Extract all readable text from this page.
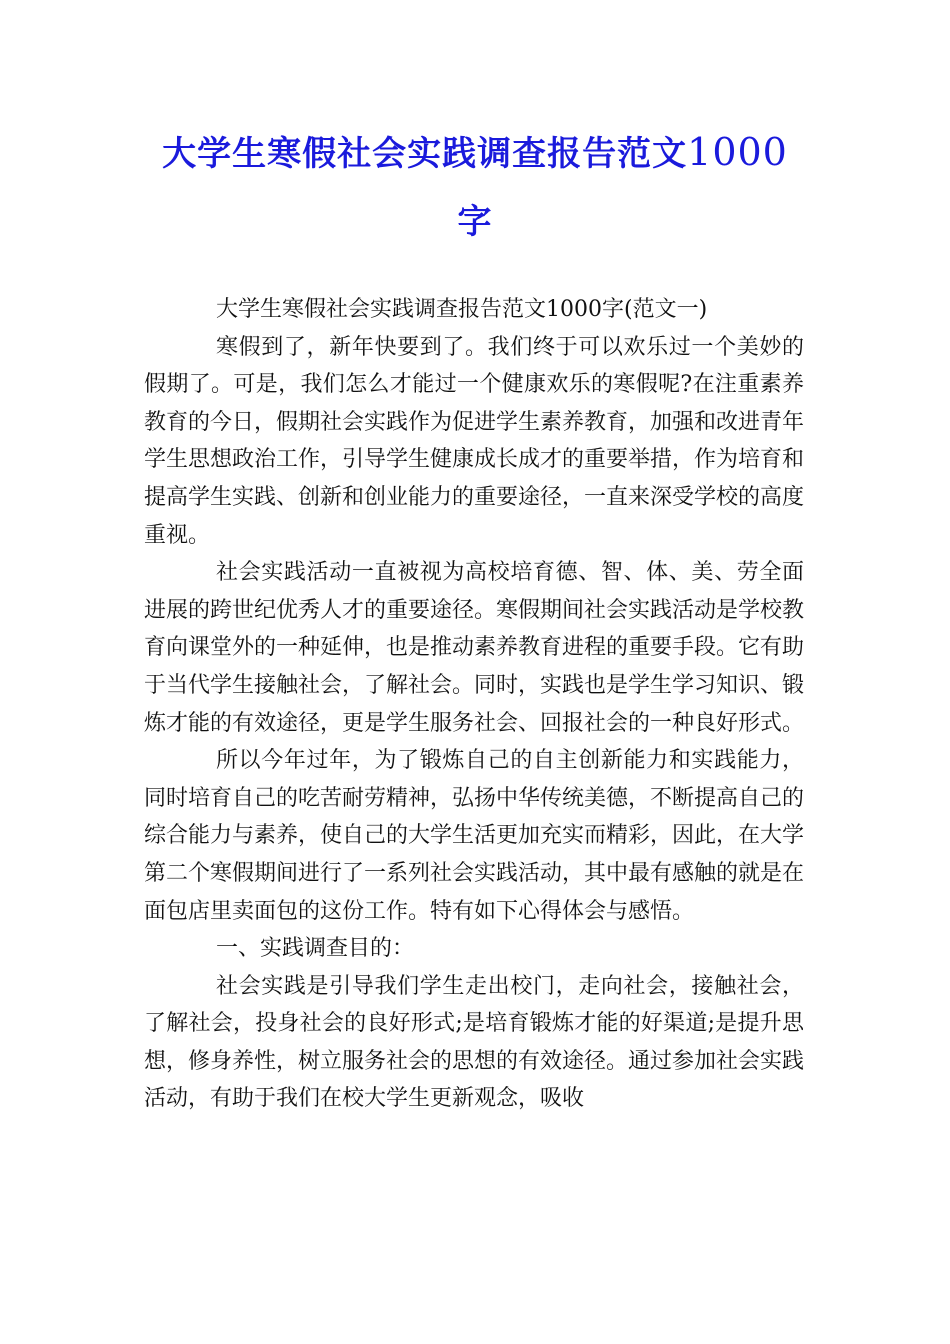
大学生寒假社会实践调查报告范文1000
字

大学生寒假社会实践调查报告范文1000字(范文一)

寒假到了，新年快要到了。我们终于可以欢乐过一个美妙的假期了。可是，我们怎么才能过一个健康欢乐的寒假呢?在注重素养教育的今日，假期社会实践作为促进学生素养教育，加强和改进青年学生思想政治工作，引导学生健康成长成才的重要举措，作为培育和提高学生实践、创新和创业能力的重要途径，一直来深受学校的高度重视。

社会实践活动一直被视为高校培育德、智、体、美、劳全面进展的跨世纪优秀人才的重要途径。寒假期间社会实践活动是学校教育向课堂外的一种延伸，也是推动素养教育进程的重要手段。它有助于当代学生接触社会，了解社会。同时，实践也是学生学习知识、锻炼才能的有效途径，更是学生服务社会、回报社会的一种良好形式。

所以今年过年，为了锻炼自己的自主创新能力和实践能力，同时培育自己的吃苦耐劳精神，弘扬中华传统美德，不断提高自己的综合能力与素养，使自己的大学生活更加充实而精彩，因此，在大学第二个寒假期间进行了一系列社会实践活动，其中最有感触的就是在面包店里卖面包的这份工作。特有如下心得体会与感悟。

一、实践调查目的：

社会实践是引导我们学生走出校门，走向社会，接触社会，了解社会，投身社会的良好形式;是培育锻炼才能的好渠道;是提升思想，修身养性，树立服务社会的思想的有效途径。通过参加社会实践活动，有助于我们在校大学生更新观念，吸收
